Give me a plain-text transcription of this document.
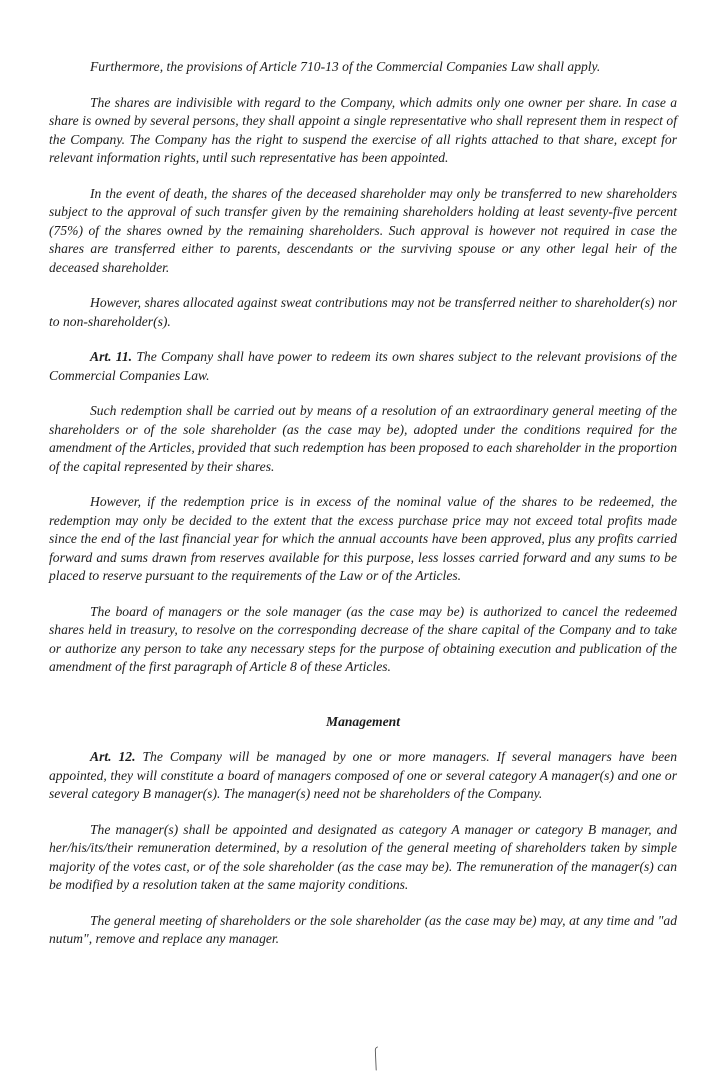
Furthermore, the provisions of Article 710-13 of the Commercial Companies Law shall apply.

The shares are indivisible with regard to the Company, which admits only one owner per share. In case a share is owned by several persons, they shall appoint a single representative who shall represent them in respect of the Company. The Company has the right to suspend the exercise of all rights attached to that share, except for relevant information rights, until such representative has been appointed.

In the event of death, the shares of the deceased shareholder may only be transferred to new shareholders subject to the approval of such transfer given by the remaining shareholders holding at least seventy-five percent (75%) of the shares owned by the remaining shareholders. Such approval is however not required in case the shares are transferred either to parents, descendants or the surviving spouse or any other legal heir of the deceased shareholder.

However, shares allocated against sweat contributions may not be transferred neither to shareholder(s) nor to non-shareholder(s).

Art. 11. The Company shall have power to redeem its own shares subject to the relevant provisions of the Commercial Companies Law.

Such redemption shall be carried out by means of a resolution of an extraordinary general meeting of the shareholders or of the sole shareholder (as the case may be), adopted under the conditions required for the amendment of the Articles, provided that such redemption has been proposed to each shareholder in the proportion of the capital represented by their shares.

However, if the redemption price is in excess of the nominal value of the shares to be redeemed, the redemption may only be decided to the extent that the excess purchase price may not exceed total profits made since the end of the last financial year for which the annual accounts have been approved, plus any profits carried forward and sums drawn from reserves available for this purpose, less losses carried forward and any sums to be placed to reserve pursuant to the requirements of the Law or of the Articles.

The board of managers or the sole manager (as the case may be) is authorized to cancel the redeemed shares held in treasury, to resolve on the corresponding decrease of the share capital of the Company and to take or authorize any person to take any necessary steps for the purpose of obtaining execution and publication of the amendment of the first paragraph of Article 8 of these Articles.

Management

Art. 12. The Company will be managed by one or more managers. If several managers have been appointed, they will constitute a board of managers composed of one or several category A manager(s) and one or several category B manager(s). The manager(s) need not be shareholders of the Company.

The manager(s) shall be appointed and designated as category A manager or category B manager, and her/his/its/their remuneration determined, by a resolution of the general meeting of shareholders taken by simple majority of the votes cast, or of the sole shareholder (as the case may be). The remuneration of the manager(s) can be modified by a resolution taken at the same majority conditions.

The general meeting of shareholders or the sole shareholder (as the case may be) may, at any time and "ad nutum", remove and replace any manager.
